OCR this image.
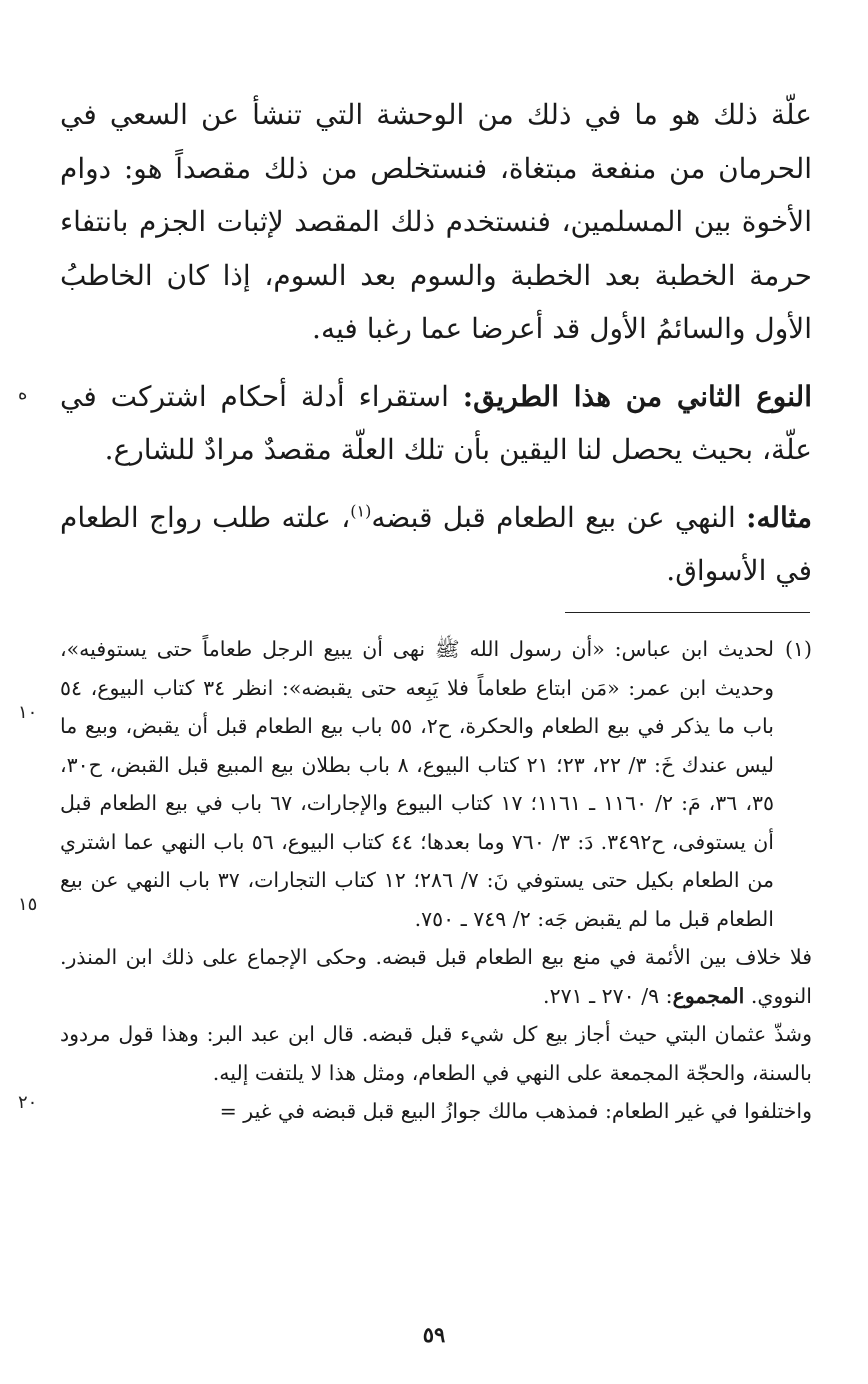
علّة ذلك هو ما في ذلك من الوحشة التي تنشأ عن السعي في الحرمان من منفعة مبتغاة، فنستخلص من ذلك مقصداً هو: دوام الأخوة بين المسلمين، فنستخدم ذلك المقصد لإثبات الجزم بانتفاء حرمة الخطبة بعد الخطبة والسوم بعد السوم، إذا كان الخاطبُ الأول والسائمُ الأول قد أعرضا عما رغبا فيه.

النوع الثاني من هذا الطريق: استقراء أدلة أحكام اشتركت في علّة، بحيث يحصل لنا اليقين بأن تلك العلّة مقصدٌ مرادٌ للشارع.

مثاله: النهي عن بيع الطعام قبل قبضه$^{(١)}$، علته طلب رواج الطعام في الأسواق.

(١)لحديث ابن عباس: «أن رسول الله ﷺ نهى أن يبيع الرجل طعاماً حتى يستوفيه»، وحديث ابن عمر: «مَن ابتاع طعاماً فلا يَبِعه حتى يقبضه»: انظر ٣٤ كتاب البيوع، ٥٤ باب ما يذكر في بيع الطعام والحكرة، ح٢، ٥٥ باب بيع الطعام قبل أن يقبض، وبيع ما ليس عندك خَ: ٣/ ٢٢، ٢٣؛ ٢١ كتاب البيوع، ٨ باب بطلان بيع المبيع قبل القبض، ح٣٠، ٣٥، ٣٦، مَ: ٢/ ١١٦٠ ـ ١١٦١؛ ١٧ كتاب البيوع والإجارات، ٦٧ باب في بيع الطعام قبل أن يستوفى، ح٣٤٩٢. دَ: ٣/ ٧٦٠ وما بعدها؛ ٤٤ كتاب البيوع، ٥٦ باب النهي عما اشتري من الطعام بكيل حتى يستوفي نَ: ٧/ ٢٨٦؛ ١٢ كتاب التجارات، ٣٧ باب النهي عن بيع الطعام قبل ما لم يقبض جَه: ٢/ ٧٤٩ ـ ٧٥٠.

فلا خلاف بين الأئمة في منع بيع الطعام قبل قبضه. وحكى الإجماع على ذلك ابن المنذر. النووي. المجموع: ٩/ ٢٧٠ ـ ٢٧١.

وشذّ عثمان البتي حيث أجاز بيع كل شيء قبل قبضه. قال ابن عبد البر: وهذا قول مردود بالسنة، والحجّة المجمعة على النهي في الطعام، ومثل هذا لا يلتفت إليه.

واختلفوا في غير الطعام: فمذهب مالك جوازُ البيع قبل قبضه في غير =

ه
١٠
١٥
٢٠
٥٩
